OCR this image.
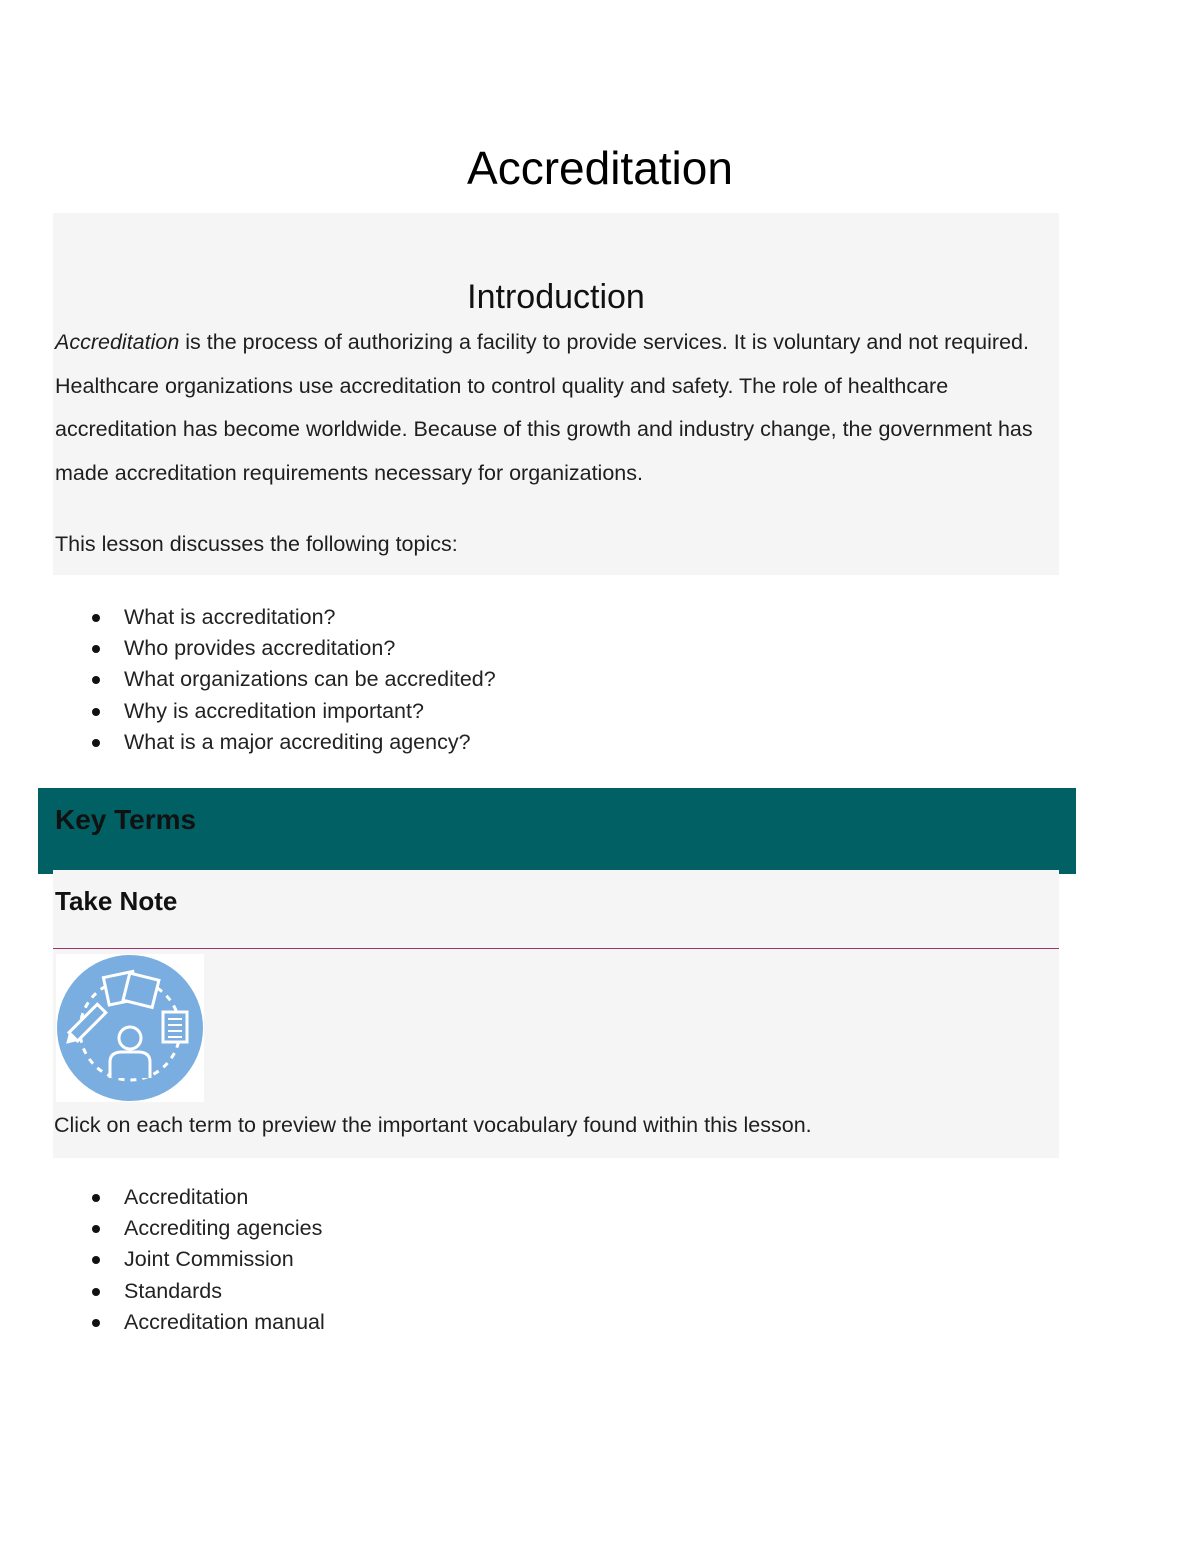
Accreditation
Introduction
Accreditation is the process of authorizing a facility to provide services. It is voluntary and not required. Healthcare organizations use accreditation to control quality and safety. The role of healthcare accreditation has become worldwide. Because of this growth and industry change, the government has made accreditation requirements necessary for organizations.
This lesson discusses the following topics:
What is accreditation?
Who provides accreditation?
What organizations can be accredited?
Why is accreditation important?
What is a major accrediting agency?
Key Terms
Take Note
Click on each term to preview the important vocabulary found within this lesson.
Accreditation
Accrediting agencies
Joint Commission
Standards
Accreditation manual
